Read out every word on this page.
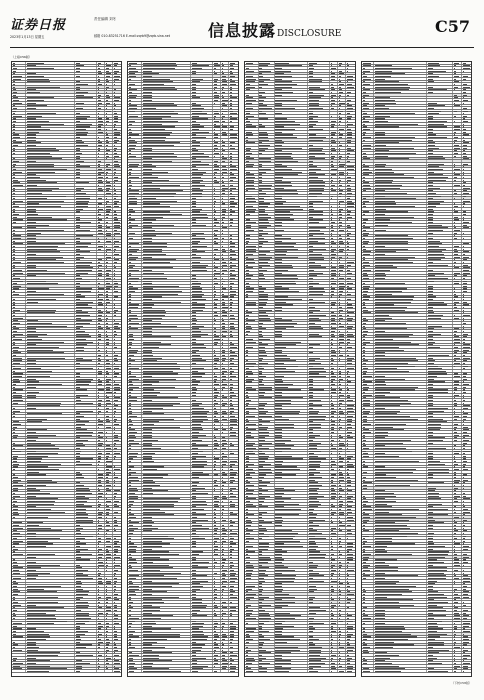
证券日报
2023年1月13日 星期五
责任编辑 刘冬
邮箱 010-83251716 E-mail:zqrb9@zqrb.sina.net 信息披露DISCLOSURE	C57
（上接C56版）
（下转C58版）
